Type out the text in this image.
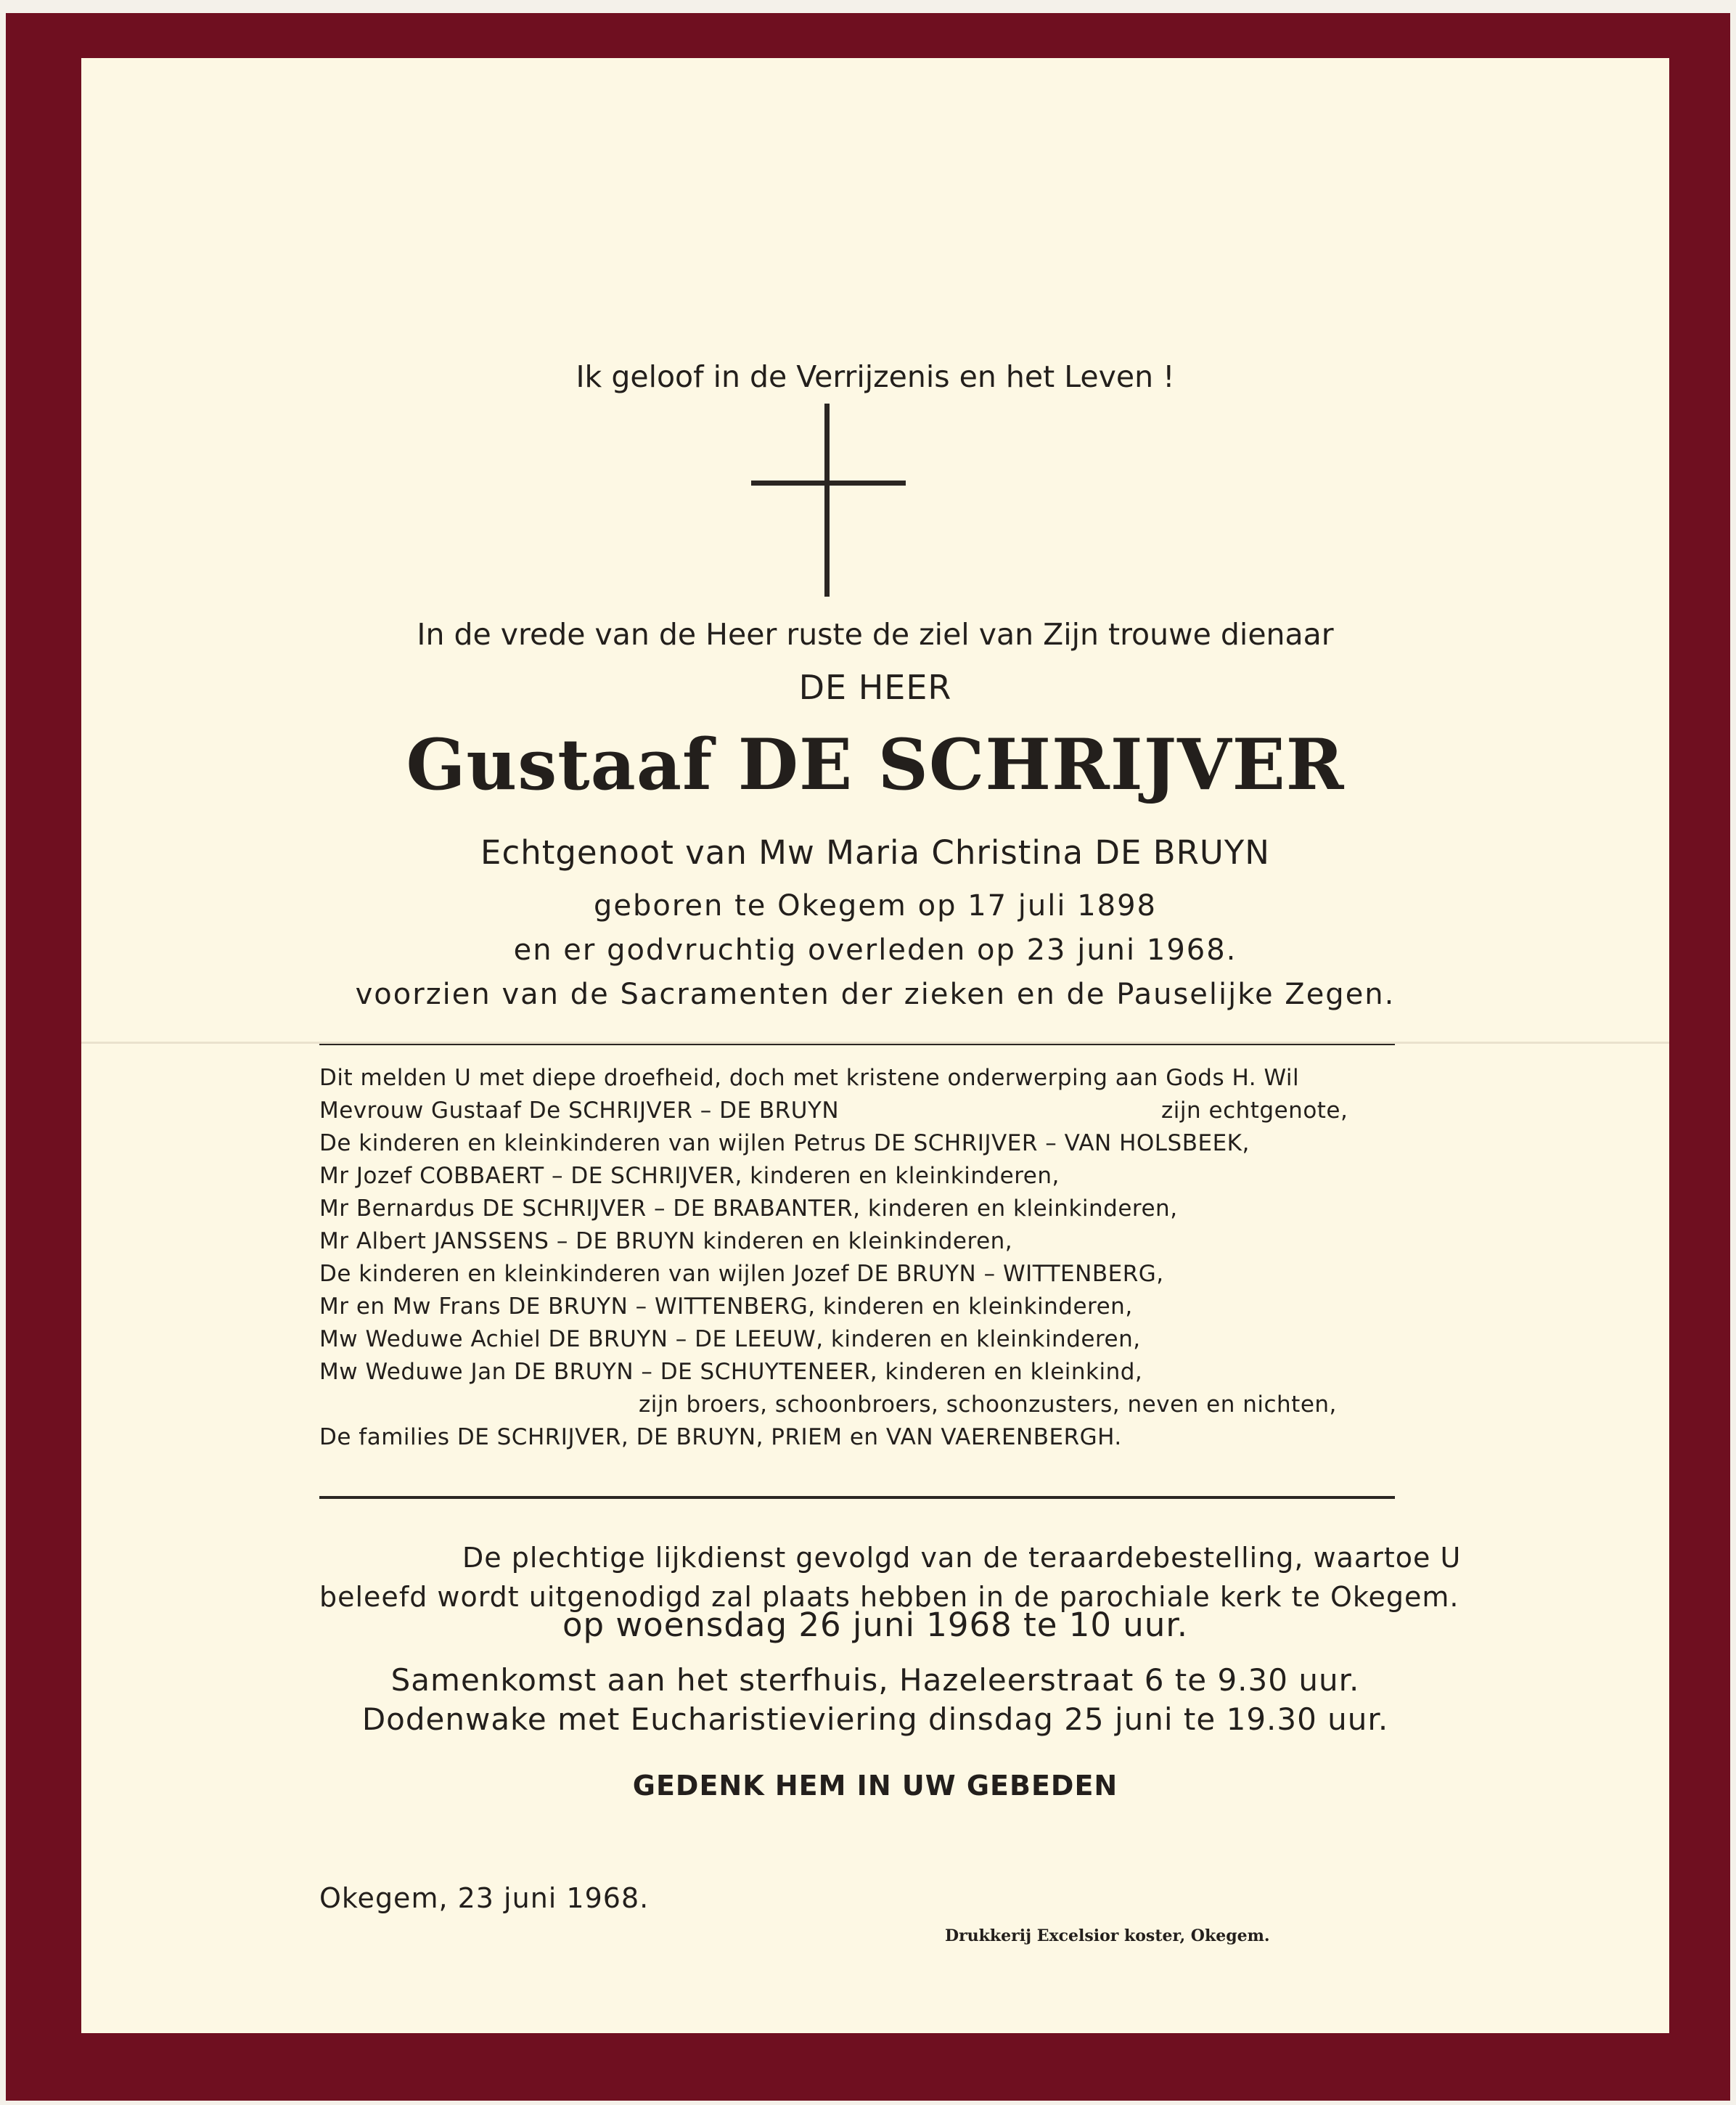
Ik geloof in de Verrijzenis en het Leven !

In de vrede van de Heer ruste de ziel van Zijn trouwe dienaar

DE HEER

Gustaaf DE SCHRIJVER

Echtgenoot van Mw Maria Christina DE BRUYN

geboren te Okegem op 17 juli 1898

en er godvruchtig overleden op 23 juni 1968.

voorzien van de Sacramenten der zieken en de Pauselijke Zegen.

Dit melden U met diepe droefheid, doch met kristene onderwerping aan Gods H. Wil
Mevrouw Gustaaf De SCHRIJVER – DE BRUYN	zijn echtgenote,
De kinderen en kleinkinderen van wijlen Petrus DE SCHRIJVER – VAN HOLSBEEK,
Mr Jozef COBBAERT – DE SCHRIJVER, kinderen en kleinkinderen,
Mr Bernardus DE SCHRIJVER – DE BRABANTER, kinderen en kleinkinderen,
Mr Albert JANSSENS – DE BRUYN kinderen en kleinkinderen,
De kinderen en kleinkinderen van wijlen Jozef DE BRUYN – WITTENBERG,
Mr en Mw Frans DE BRUYN – WITTENBERG, kinderen en kleinkinderen,
Mw Weduwe Achiel DE BRUYN – DE LEEUW, kinderen en kleinkinderen,
Mw Weduwe Jan DE BRUYN – DE SCHUYTENEER, kinderen en kleinkind,
zijn broers, schoonbroers, schoonzusters, neven en nichten,
De families DE SCHRIJVER, DE BRUYN, PRIEM en VAN VAERENBERGH.

De plechtige lijkdienst gevolgd van de teraardebestelling, waartoe U

beleefd wordt uitgenodigd zal plaats hebben in de parochiale kerk te Okegem.

op woensdag 26 juni 1968 te 10 uur.

Samenkomst aan het sterfhuis, Hazeleerstraat 6 te 9.30 uur.

Dodenwake met Eucharistieviering dinsdag 25 juni te 19.30 uur.

GEDENK HEM IN UW GEBEDEN

Okegem, 23 juni 1968.

Drukkerij Excelsior koster, Okegem.
